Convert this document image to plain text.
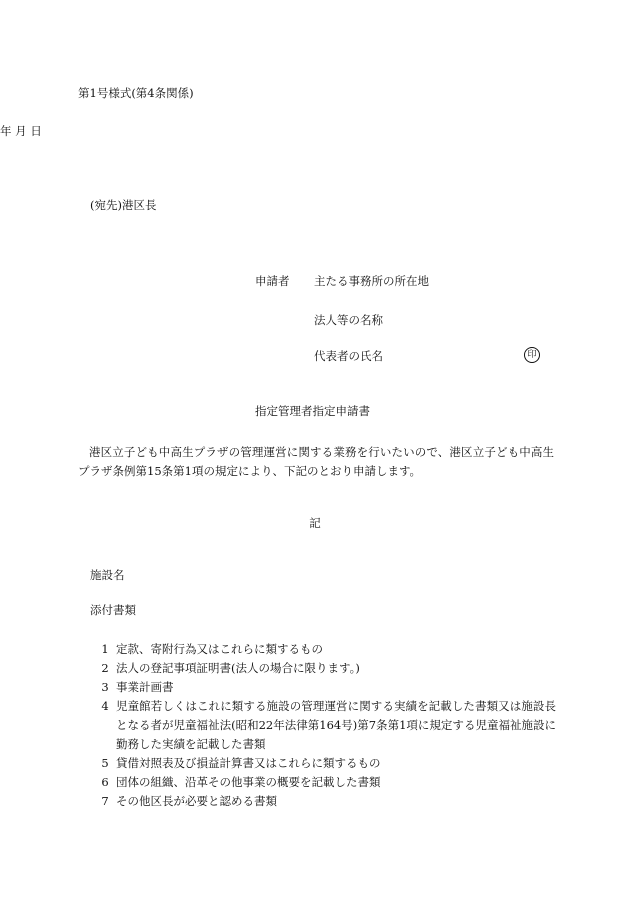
第1号様式(第4条関係)
年 月 日
(宛先)港区長
申請者 主たる事務所の所在地
法人等の名称
代表者の氏名	印
指定管理者指定申請書
港区立子ども中高生プラザの管理運営に関する業務を行いたいので、港区立子ども中高生プラザ条例第15条第1項の規定により、下記のとおり申請します。
記
施設名
添付書類
1 定款、寄附行為又はこれらに類するもの
2 法人の登記事項証明書(法人の場合に限ります。)
3 事業計画書
4 児童館若しくはこれに類する施設の管理運営に関する実績を記載した書類又は施設長となる者が児童福祉法(昭和22年法律第164号)第7条第1項に規定する児童福祉施設に勤務した実績を記載した書類
5 貸借対照表及び損益計算書又はこれらに類するもの
6 団体の組織、沿革その他事業の概要を記載した書類
7 その他区長が必要と認める書類
